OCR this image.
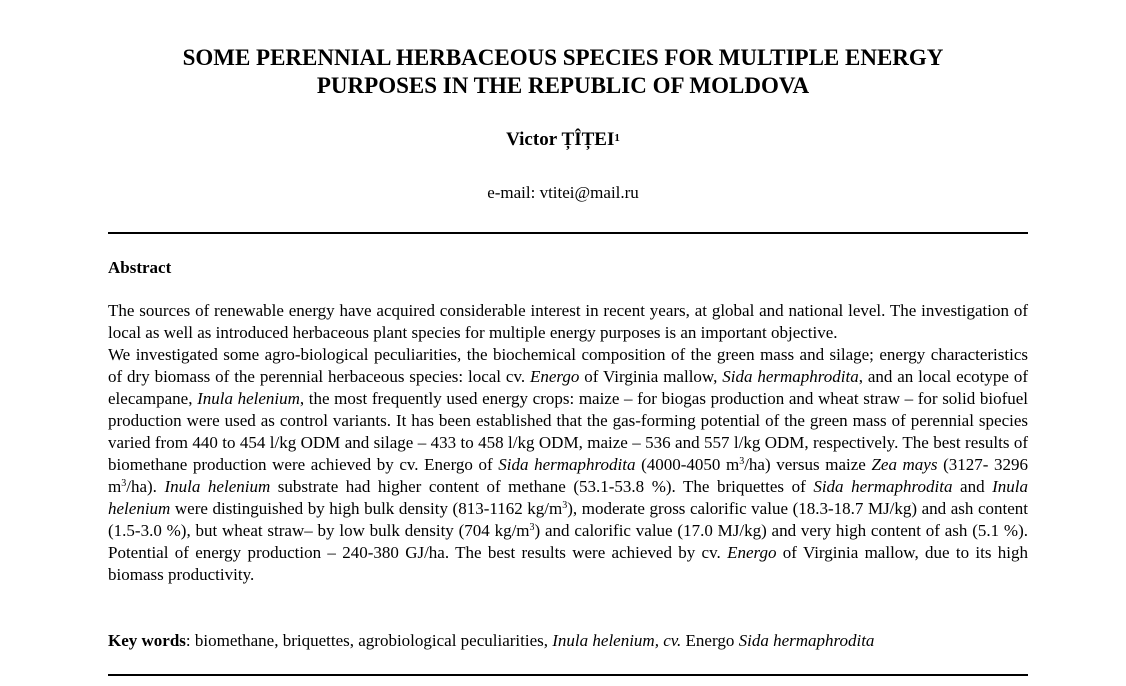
SOME PERENNIAL HERBACEOUS SPECIES FOR MULTIPLE ENERGY
PURPOSES IN THE REPUBLIC OF MOLDOVA
Victor ȚÎȚEI$^1$
e-mail: vtitei@mail.ru
Abstract

The sources of renewable energy have acquired considerable interest in recent years, at global and national level. The investigation of local as well as introduced herbaceous plant species for multiple energy purposes is an important objective.

We investigated some agro-biological peculiarities, the biochemical composition of the green mass and silage; energy characteristics of dry biomass of the perennial herbaceous species: local cv. Energo of Virginia mallow, Sida hermaphrodita, and an local ecotype of elecampane, Inula helenium, the most frequently used energy crops: maize – for biogas production and wheat straw – for solid biofuel production were used as control variants. It has been established that the gas-forming potential of the green mass of perennial species varied from 440 to 454 l/kg ODM and silage – 433 to 458 l/kg ODM, maize – 536 and 557 l/kg ODM, respectively. The best results of biomethane production were achieved by cv. Energo of Sida hermaphrodita (4000-4050 $m^3/ha$) versus maize Zea mays (3127- 3296 $m^3/ha$). Inula helenium substrate had higher content of methane (53.1-53.8 %). The briquettes of Sida hermaphrodita and Inula helenium were distinguished by high bulk density (813-1162 $kg/m^3$), moderate gross calorific value (18.3-18.7 MJ/kg) and ash content (1.5-3.0 %), but wheat straw– by low bulk density (704 $kg/m^3$) and calorific value (17.0 MJ/kg) and very high content of ash (5.1 %). Potential of energy production – 240-380 GJ/ha. The best results were achieved by cv. Energo of Virginia mallow, due to its high biomass productivity.

Key words: biomethane, briquettes, agrobiological peculiarities, Inula helenium, cv. Energo Sida hermaphrodita
